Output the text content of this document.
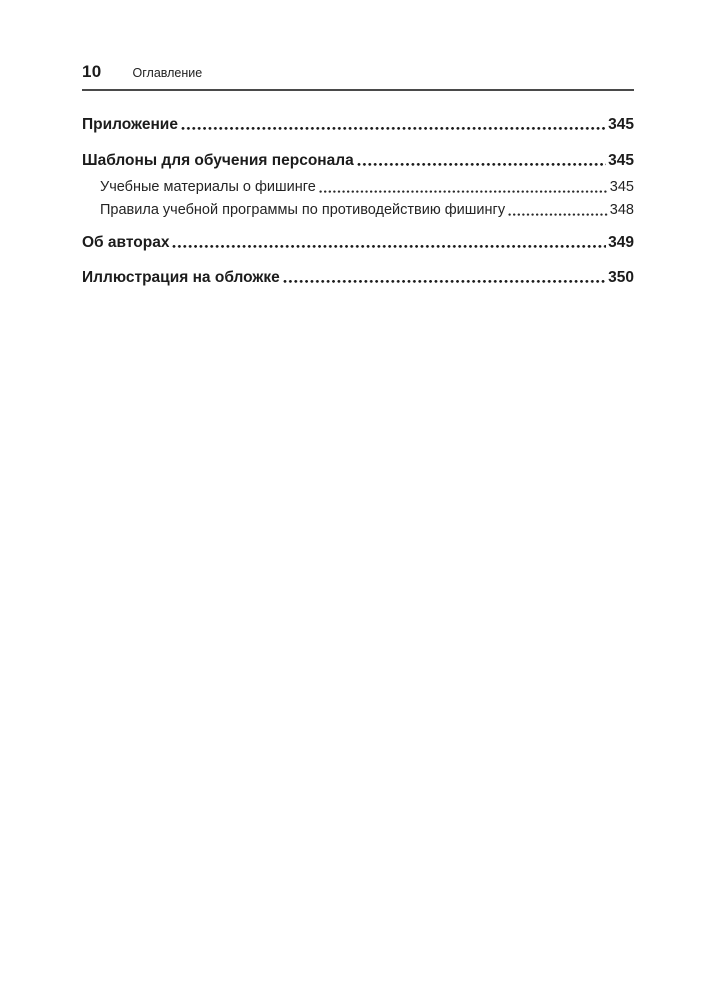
10 Оглавление
Приложение	345
Шаблоны для обучения персонала	345
Учебные материалы о фишинге	345
Правила учебной программы по противодействию фишингу	348
Об авторах	349
Иллюстрация на обложке	350
